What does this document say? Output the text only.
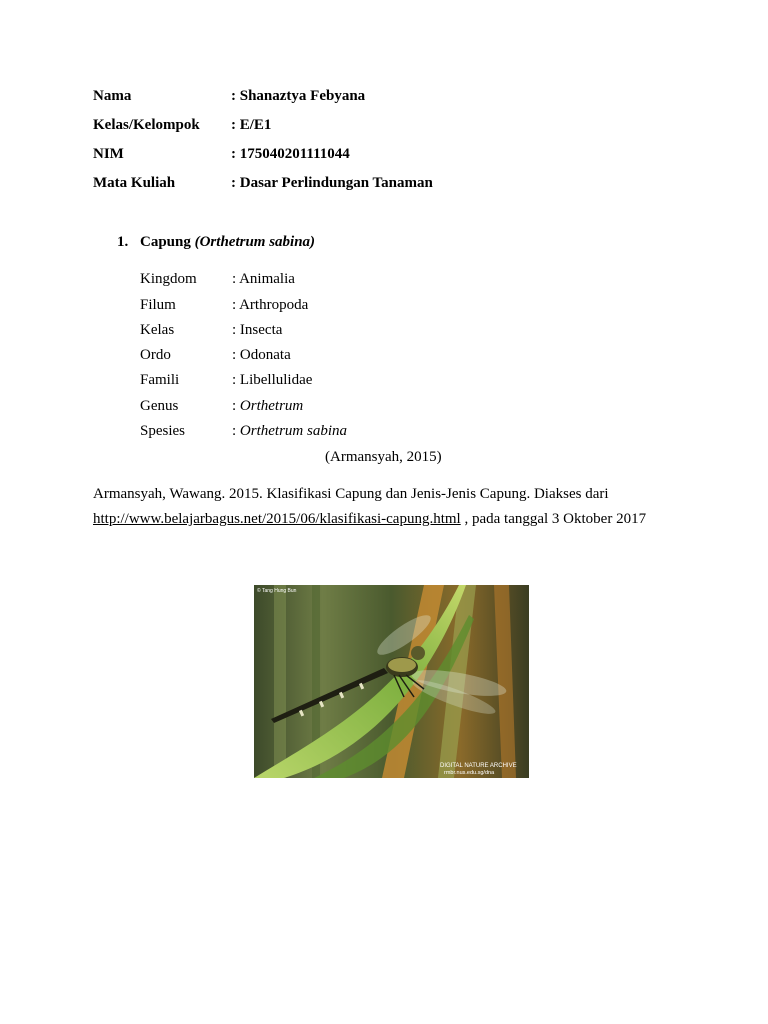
Nama	: Shanaztya Febyana
Kelas/Kelompok : E/E1
NIM	: 175040201111044
Mata Kuliah	: Dasar Perlindungan Tanaman
1. Capung (Orthetrum sabina)
Kingdom : Animalia
Filum	: Arthropoda
Kelas	: Insecta
Ordo	: Odonata
Famili	: Libellulidae
Genus	: Orthetrum
Spesies	: Orthetrum sabina
(Armansyah, 2015)
Armansyah, Wawang. 2015. Klasifikasi Capung dan Jenis-Jenis Capung. Diakses dari
http://www.belajarbagus.net/2015/06/klasifikasi-capung.html , pada tanggal 3 Oktober 2017
© Tang Hung Bun
DIGITAL NATURE ARCHIVE
rmbr.nus.edu.sg/dna
